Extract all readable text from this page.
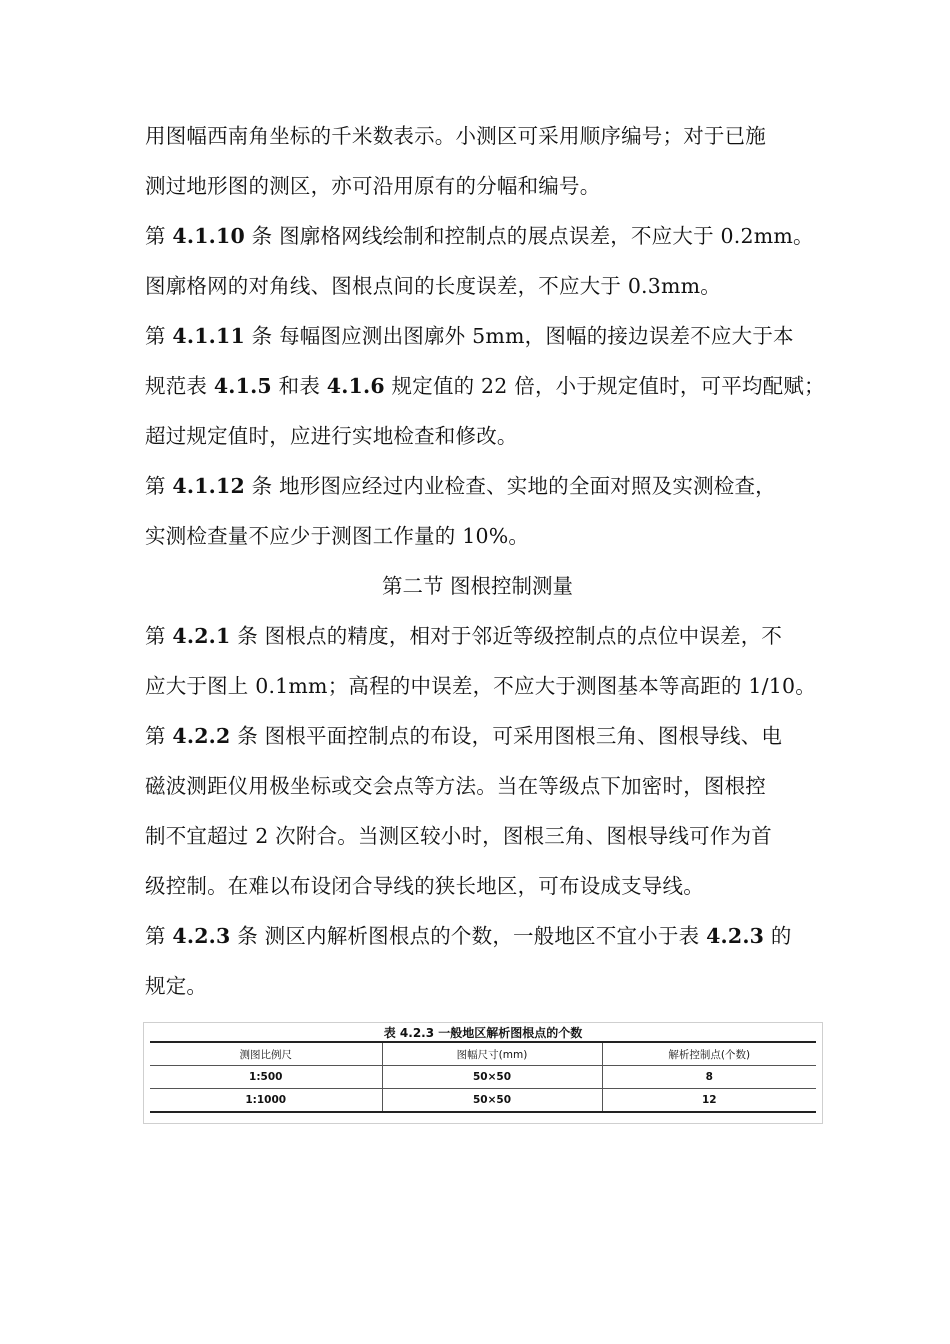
用图幅西南角坐标的千米数表示。小测区可采用顺序编号；对于已施
测过地形图的测区，亦可沿用原有的分幅和编号。
第 4.1.10 条 图廓格网线绘制和控制点的展点误差，不应大于 0.2mm。
图廓格网的对角线、图根点间的长度误差，不应大于 0.3mm。
第 4.1.11 条 每幅图应测出图廓外 5mm，图幅的接边误差不应大于本
规范表 4.1.5 和表 4.1.6 规定值的 22 倍，小于规定值时，可平均配赋；
超过规定值时，应进行实地检查和修改。
第 4.1.12 条 地形图应经过内业检查、实地的全面对照及实测检查，
实测检查量不应少于测图工作量的 10%。
第二节 图根控制测量
第 4.2.1 条 图根点的精度，相对于邻近等级控制点的点位中误差，不
应大于图上 0.1mm；高程的中误差，不应大于测图基本等高距的 1/10。
第 4.2.2 条 图根平面控制点的布设，可采用图根三角、图根导线、电
磁波测距仪用极坐标或交会点等方法。当在等级点下加密时，图根控
制不宜超过 2 次附合。当测区较小时，图根三角、图根导线可作为首
级控制。在难以布设闭合导线的狭长地区，可布设成支导线。
第 4.2.3 条 测区内解析图根点的个数，一般地区不宜小于表 4.2.3 的
规定。
表 4.2.3 一般地区解析图根点的个数
测图比例尺	图幅尺寸(mm)	解析控制点(个数)
1:500	50×50	8
1:1000	50×50	12
